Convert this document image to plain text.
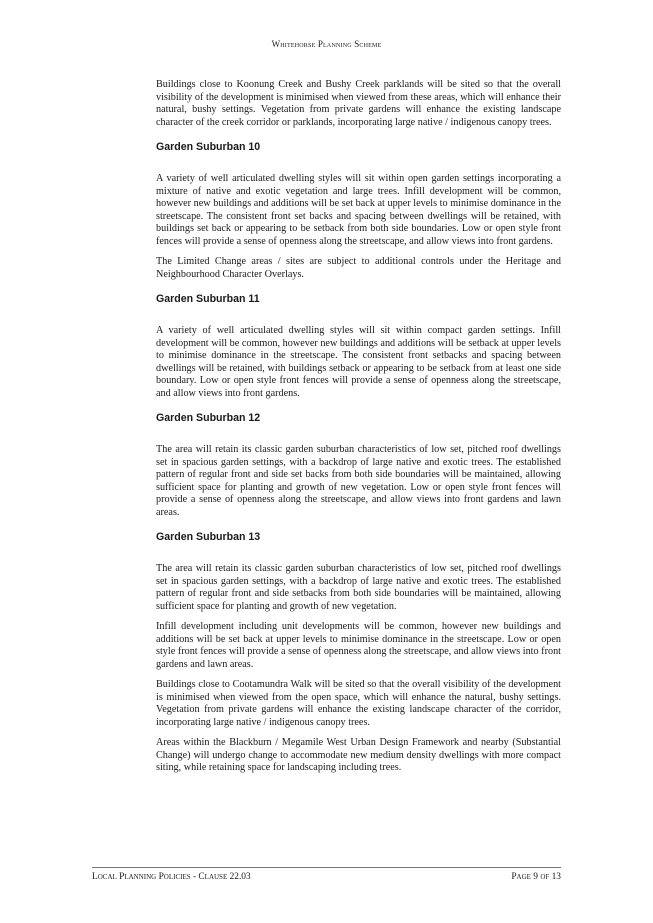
Whitehorse Planning Scheme

Buildings close to Koonung Creek and Bushy Creek parklands will be sited so that the overall visibility of the development is minimised when viewed from these areas, which will enhance their natural, bushy settings. Vegetation from private gardens will enhance the existing landscape character of the creek corridor or parklands, incorporating large native / indigenous canopy trees.

Garden Suburban 10

A variety of well articulated dwelling styles will sit within open garden settings incorporating a mixture of native and exotic vegetation and large trees. Infill development will be common, however new buildings and additions will be set back at upper levels to minimise dominance in the streetscape. The consistent front set backs and spacing between dwellings will be retained, with buildings set back or appearing to be setback from both side boundaries. Low or open style front fences will provide a sense of openness along the streetscape, and allow views into front gardens.

The Limited Change areas / sites are subject to additional controls under the Heritage and Neighbourhood Character Overlays.

Garden Suburban 11

A variety of well articulated dwelling styles will sit within compact garden settings. Infill development will be common, however new buildings and additions will be setback at upper levels to minimise dominance in the streetscape. The consistent front setbacks and spacing between dwellings will be retained, with buildings setback or appearing to be setback from at least one side boundary. Low or open style front fences will provide a sense of openness along the streetscape, and allow views into front gardens.

Garden Suburban 12

The area will retain its classic garden suburban characteristics of low set, pitched roof dwellings set in spacious garden settings, with a backdrop of large native and exotic trees. The established pattern of regular front and side set backs from both side boundaries will be maintained, allowing sufficient space for planting and growth of new vegetation. Low or open style front fences will provide a sense of openness along the streetscape, and allow views into front gardens and lawn areas.

Garden Suburban 13

The area will retain its classic garden suburban characteristics of low set, pitched roof dwellings set in spacious garden settings, with a backdrop of large native and exotic trees. The established pattern of regular front and side setbacks from both side boundaries will be maintained, allowing sufficient space for planting and growth of new vegetation.

Infill development including unit developments will be common, however new buildings and additions will be set back at upper levels to minimise dominance in the streetscape. Low or open style front fences will provide a sense of openness along the streetscape, and allow views into front gardens and lawn areas.

Buildings close to Cootamundra Walk will be sited so that the overall visibility of the development is minimised when viewed from the open space, which will enhance the natural, bushy settings. Vegetation from private gardens will enhance the existing landscape character of the corridor, incorporating large native / indigenous canopy trees.

Areas within the Blackburn / Megamile West Urban Design Framework and nearby (Substantial Change) will undergo change to accommodate new medium density dwellings with more compact siting, while retaining space for landscaping including trees.

Local Planning Policies - Clause 22.03	Page 9 of 13
